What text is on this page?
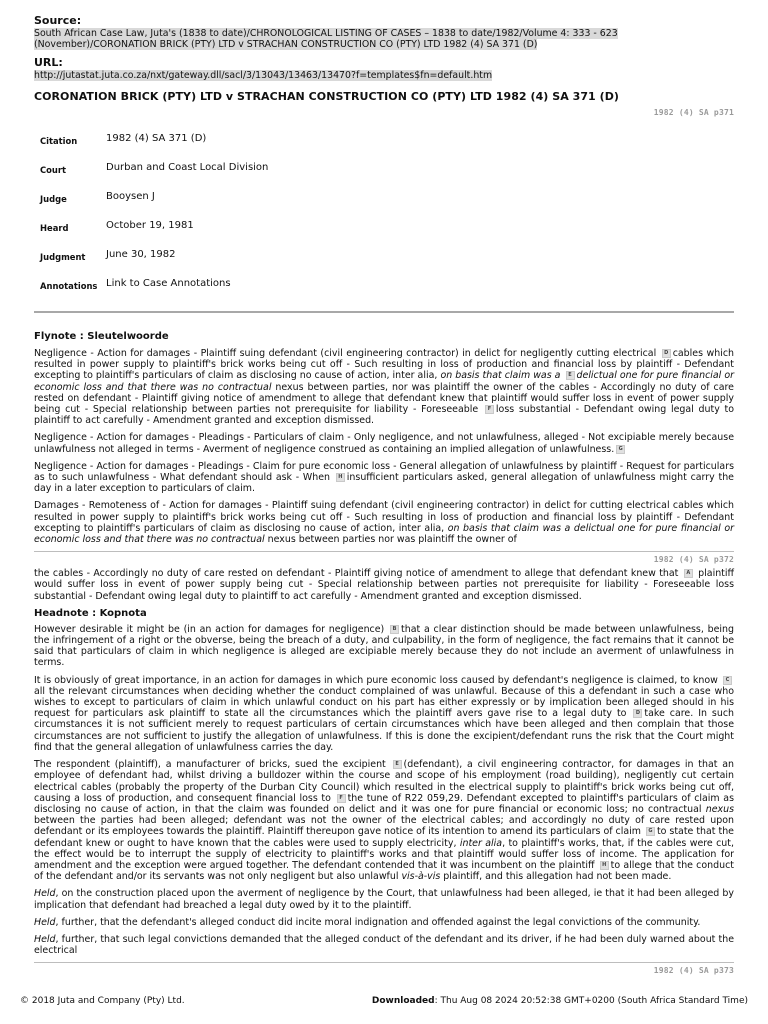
Source:

South African Case Law, Juta's (1838 to date)/CHRONOLOGICAL LISTING OF CASES – 1838 to date/1982/Volume 4: 333 - 623 (November)/CORONATION BRICK (PTY) LTD v STRACHAN CONSTRUCTION CO (PTY) LTD 1982 (4) SA 371 (D)

URL:

http://jutastat.juta.co.za/nxt/gateway.dll/sacl/3/13043/13463/13470?f=templates$fn=default.htm
CORONATION BRICK (PTY) LTD v STRACHAN CONSTRUCTION CO (PTY) LTD 1982 (4) SA 371 (D)
1982 (4) SA p371
Citation	1982 (4) SA 371 (D)
Court	Durban and Coast Local Division
Judge	Booysen J
Heard	October 19, 1981
Judgment	June 30, 1982
Annotations	Link to Case Annotations

Flynote : Sleutelwoorde

Negligence - Action for damages - Plaintiff suing defendant (civil engineering contractor) in delict for negligently cutting electrical D cables which resulted in power supply to plaintiff's brick works being cut off - Such resulting in loss of production and financial loss by plaintiff - Defendant excepting to plaintiff's particulars of claim as disclosing no cause of action, inter alia, on basis that claim was a E delictual one for pure financial or economic loss and that there was no contractual nexus between parties, nor was plaintiff the owner of the cables - Accordingly no duty of care rested on defendant - Plaintiff giving notice of amendment to allege that defendant knew that plaintiff would suffer loss in event of power supply being cut - Special relationship between parties not prerequisite for liability - Foreseeable F loss substantial - Defendant owing legal duty to plaintiff to act carefully - Amendment granted and exception dismissed.

Negligence - Action for damages - Pleadings - Particulars of claim - Only negligence, and not unlawfulness, alleged - Not excipiable merely because unlawfulness not alleged in terms - Averment of negligence construed as containing an implied allegation of unlawfulness. G

Negligence - Action for damages - Pleadings - Claim for pure economic loss - General allegation of unlawfulness by plaintiff - Request for particulars as to such unlawfulness - What defendant should ask - When H insufficient particulars asked, general allegation of unlawfulness might carry the day in a later exception to particulars of claim.

Damages - Remoteness of - Action for damages - Plaintiff suing defendant (civil engineering contractor) in delict for cutting electrical cables which resulted in power supply to plaintiff's brick works being cut off - Such resulting in loss of production and financial loss by plaintiff - Defendant excepting to plaintiff's particulars of claim as disclosing no cause of action, inter alia, on basis that claim was a delictual one for pure financial or economic loss and that there was no contractual nexus between parties nor was plaintiff the owner of

1982 (4) SA p372

the cables - Accordingly no duty of care rested on defendant - Plaintiff giving notice of amendment to allege that defendant knew that A plaintiff would suffer loss in event of power supply being cut - Special relationship between parties not prerequisite for liability - Foreseeable loss substantial - Defendant owing legal duty to plaintiff to act carefully - Amendment granted and exception dismissed.

Headnote : Kopnota

However desirable it might be (in an action for damages for negligence) B that a clear distinction should be made between unlawfulness, being the infringement of a right or the obverse, being the breach of a duty, and culpability, in the form of negligence, the fact remains that it cannot be said that particulars of claim in which negligence is alleged are excipiable merely because they do not include an averment of unlawfulness in terms.

It is obviously of great importance, in an action for damages in which pure economic loss caused by defendant's negligence is claimed, to know Call the relevant circumstances when deciding whether the conduct complained of was unlawful. Because of this a defendant in such a case who wishes to except to particulars of claim in which unlawful conduct on his part has either expressly or by implication been alleged should in his request for particulars ask plaintiff to state all the circumstances which the plaintiff avers gave rise to a legal duty to D take care. In such circumstances it is not sufficient merely to request particulars of certain circumstances which have been alleged and then complain that those circumstances are not sufficient to justify the allegation of unlawfulness. If this is done the excipient/defendant runs the risk that the Court might find that the general allegation of unlawfulness carries the day.

The respondent (plaintiff), a manufacturer of bricks, sued the excipient E (defendant), a civil engineering contractor, for damages in that an employee of defendant had, whilst driving a bulldozer within the course and scope of his employment (road building), negligently cut certain electrical cables (probably the property of the Durban City Council) which resulted in the electrical supply to plaintiff's brick works being cut off, causing a loss of production, and consequent financial loss to F the tune of R22 059,29. Defendant excepted to plaintiff's particulars of claim as disclosing no cause of action, in that the claim was founded on delict and it was one for pure financial or economic loss; no contractual nexus between the parties had been alleged; defendant was not the owner of the electrical cables; and accordingly no duty of care rested upon defendant or its employees towards the plaintiff. Plaintiff thereupon gave notice of its intention to amend its particulars of claim G to state that the defendant knew or ought to have known that the cables were used to supply electricity, inter alia, to plaintiff's works, that, if the cables were cut, the effect would be to interrupt the supply of electricity to plaintiff's works and that plaintiff would suffer loss of income. The application for amendment and the exception were argued together. The defendant contended that it was incumbent on the plaintiff H to allege that the conduct of the defendant and/or its servants was not only negligent but also unlawful vis-à-vis plaintiff, and this allegation had not been made.

Held, on the construction placed upon the averment of negligence by the Court, that unlawfulness had been alleged, ie that it had been alleged by implication that defendant had breached a legal duty owed by it to the plaintiff.

Held, further, that the defendant's alleged conduct did incite moral indignation and offended against the legal convictions of the community.

Held, further, that such legal convictions demanded that the alleged conduct of the defendant and its driver, if he had been duly warned about the electrical

1982 (4) SA p373
© 2018 Juta and Company (Pty) Ltd.	Downloaded: Thu Aug 08 2024 20:52:38 GMT+0200 (South Africa Standard Time)
